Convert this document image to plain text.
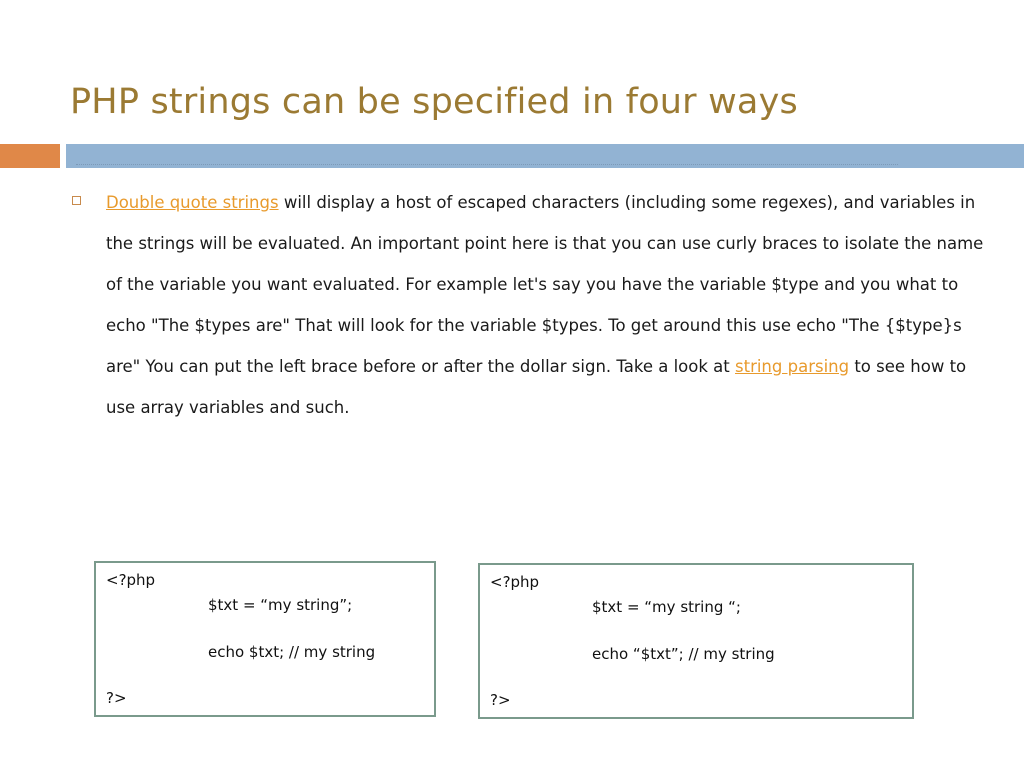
PHP strings can be specified in four ways
Double quote strings will display a host of escaped characters (including some regexes), and variables in the strings will be evaluated. An important point here is that you can use curly braces to isolate the name of the variable you want evaluated. For example let's say you have the variable $type and you what to echo "The $types are" That will look for the variable $types. To get around this use echo "The {$type}s are" You can put the left brace before or after the dollar sign. Take a look at string parsing to see how to use array variables and such.
<?php
$txt = “my string”;
echo $txt; // my string
?>
<?php
$txt = “my string “;
echo “$txt”; // my string
?>
